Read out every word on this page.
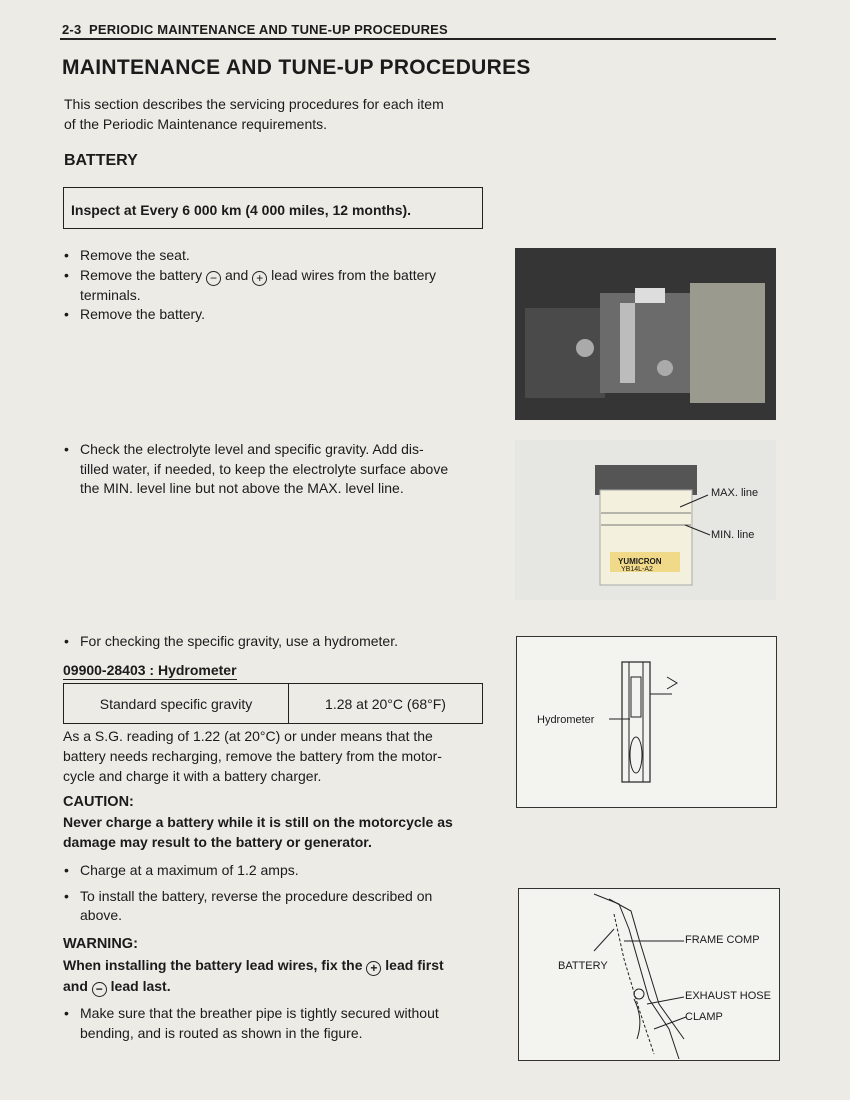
2-3 PERIODIC MAINTENANCE AND TUNE-UP PROCEDURES
MAINTENANCE AND TUNE-UP PROCEDURES
This section describes the servicing procedures for each item
of the Periodic Maintenance requirements.
BATTERY
Inspect at Every 6 000 km (4 000 miles, 12 months).
• Remove the seat.
• Remove the battery − and + lead wires from the battery
terminals.
• Remove the battery.
• Check the electrolyte level and specific gravity. Add dis-
tilled water, if needed, to keep the electrolyte surface above
the MIN. level line but not above the MAX. level line.	MAX. line
MIN. line
YUMICRON
YB14L-A2
• For checking the specific gravity, use a hydrometer.
09900-28403 : Hydrometer
Standard specific gravity	1.28 at 20°C (68°F)
Hydrometer
As a S.G. reading of 1.22 (at 20°C) or under means that the
battery needs recharging, remove the battery from the motor-
cycle and charge it with a battery charger.
CAUTION:
Never charge a battery while it is still on the motorcycle as
damage may result to the battery or generator.
• Charge at a maximum of 1.2 amps.
• To install the battery, reverse the procedure described on
above.
WARNING:
When installing the battery lead wires, fix the + lead first
and − lead last.
• Make sure that the breather pipe is tightly secured without
bending, and is routed as shown in the figure.
FRAME COMP
BATTERY
EXHAUST HOSE
CLAMP
